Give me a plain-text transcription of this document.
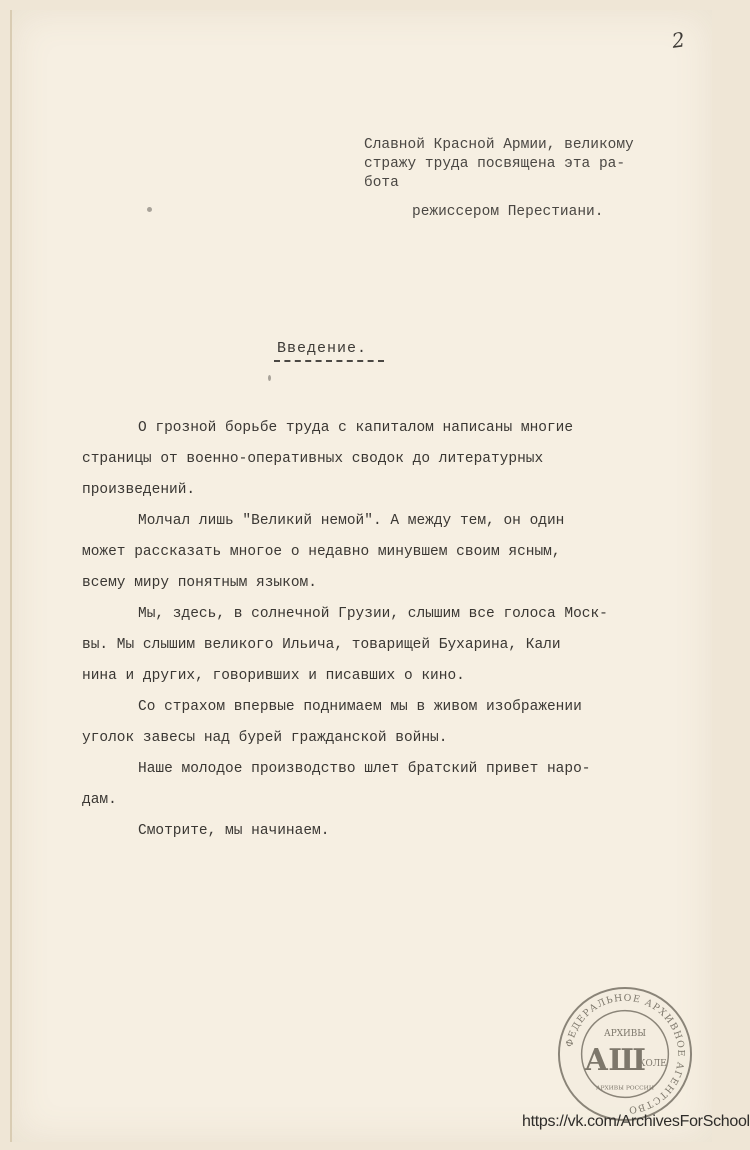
2
Славной Красной Армии, великому
стражу труда посвящена эта ра-
бота
режиссером Перестиани.
Введение.
О грозной борьбе труда с капиталом написаны многие
страницы от военно-оперативных сводок до литературных
произведений.
Молчал лишь "Великий немой". А между тем, он один
может рассказать многое о недавно минувшем своим ясным,
всему миру понятным языком.
Мы, здесь, в солнечной Грузии, слышим все голоса Моск-
вы. Мы слышим великого Ильича, товарищей Бухарина, Кали
нина и других, говоривших и писавших о кино.
Со страхом впервые поднимаем мы в живом изображении
уголок завесы над бурей гражданской войны.
Наше молодое производство шлет братский привет наро-
дам.
Смотрите, мы начинаем.
ФЕДЕРАЛЬНОЕ АРХИВНОЕ АГЕНТСТВО
АРХИВЫ
АШ
КОЛЕ
АРХИВЫ РОССИИ
https://vk.com/ArchivesForSchool
